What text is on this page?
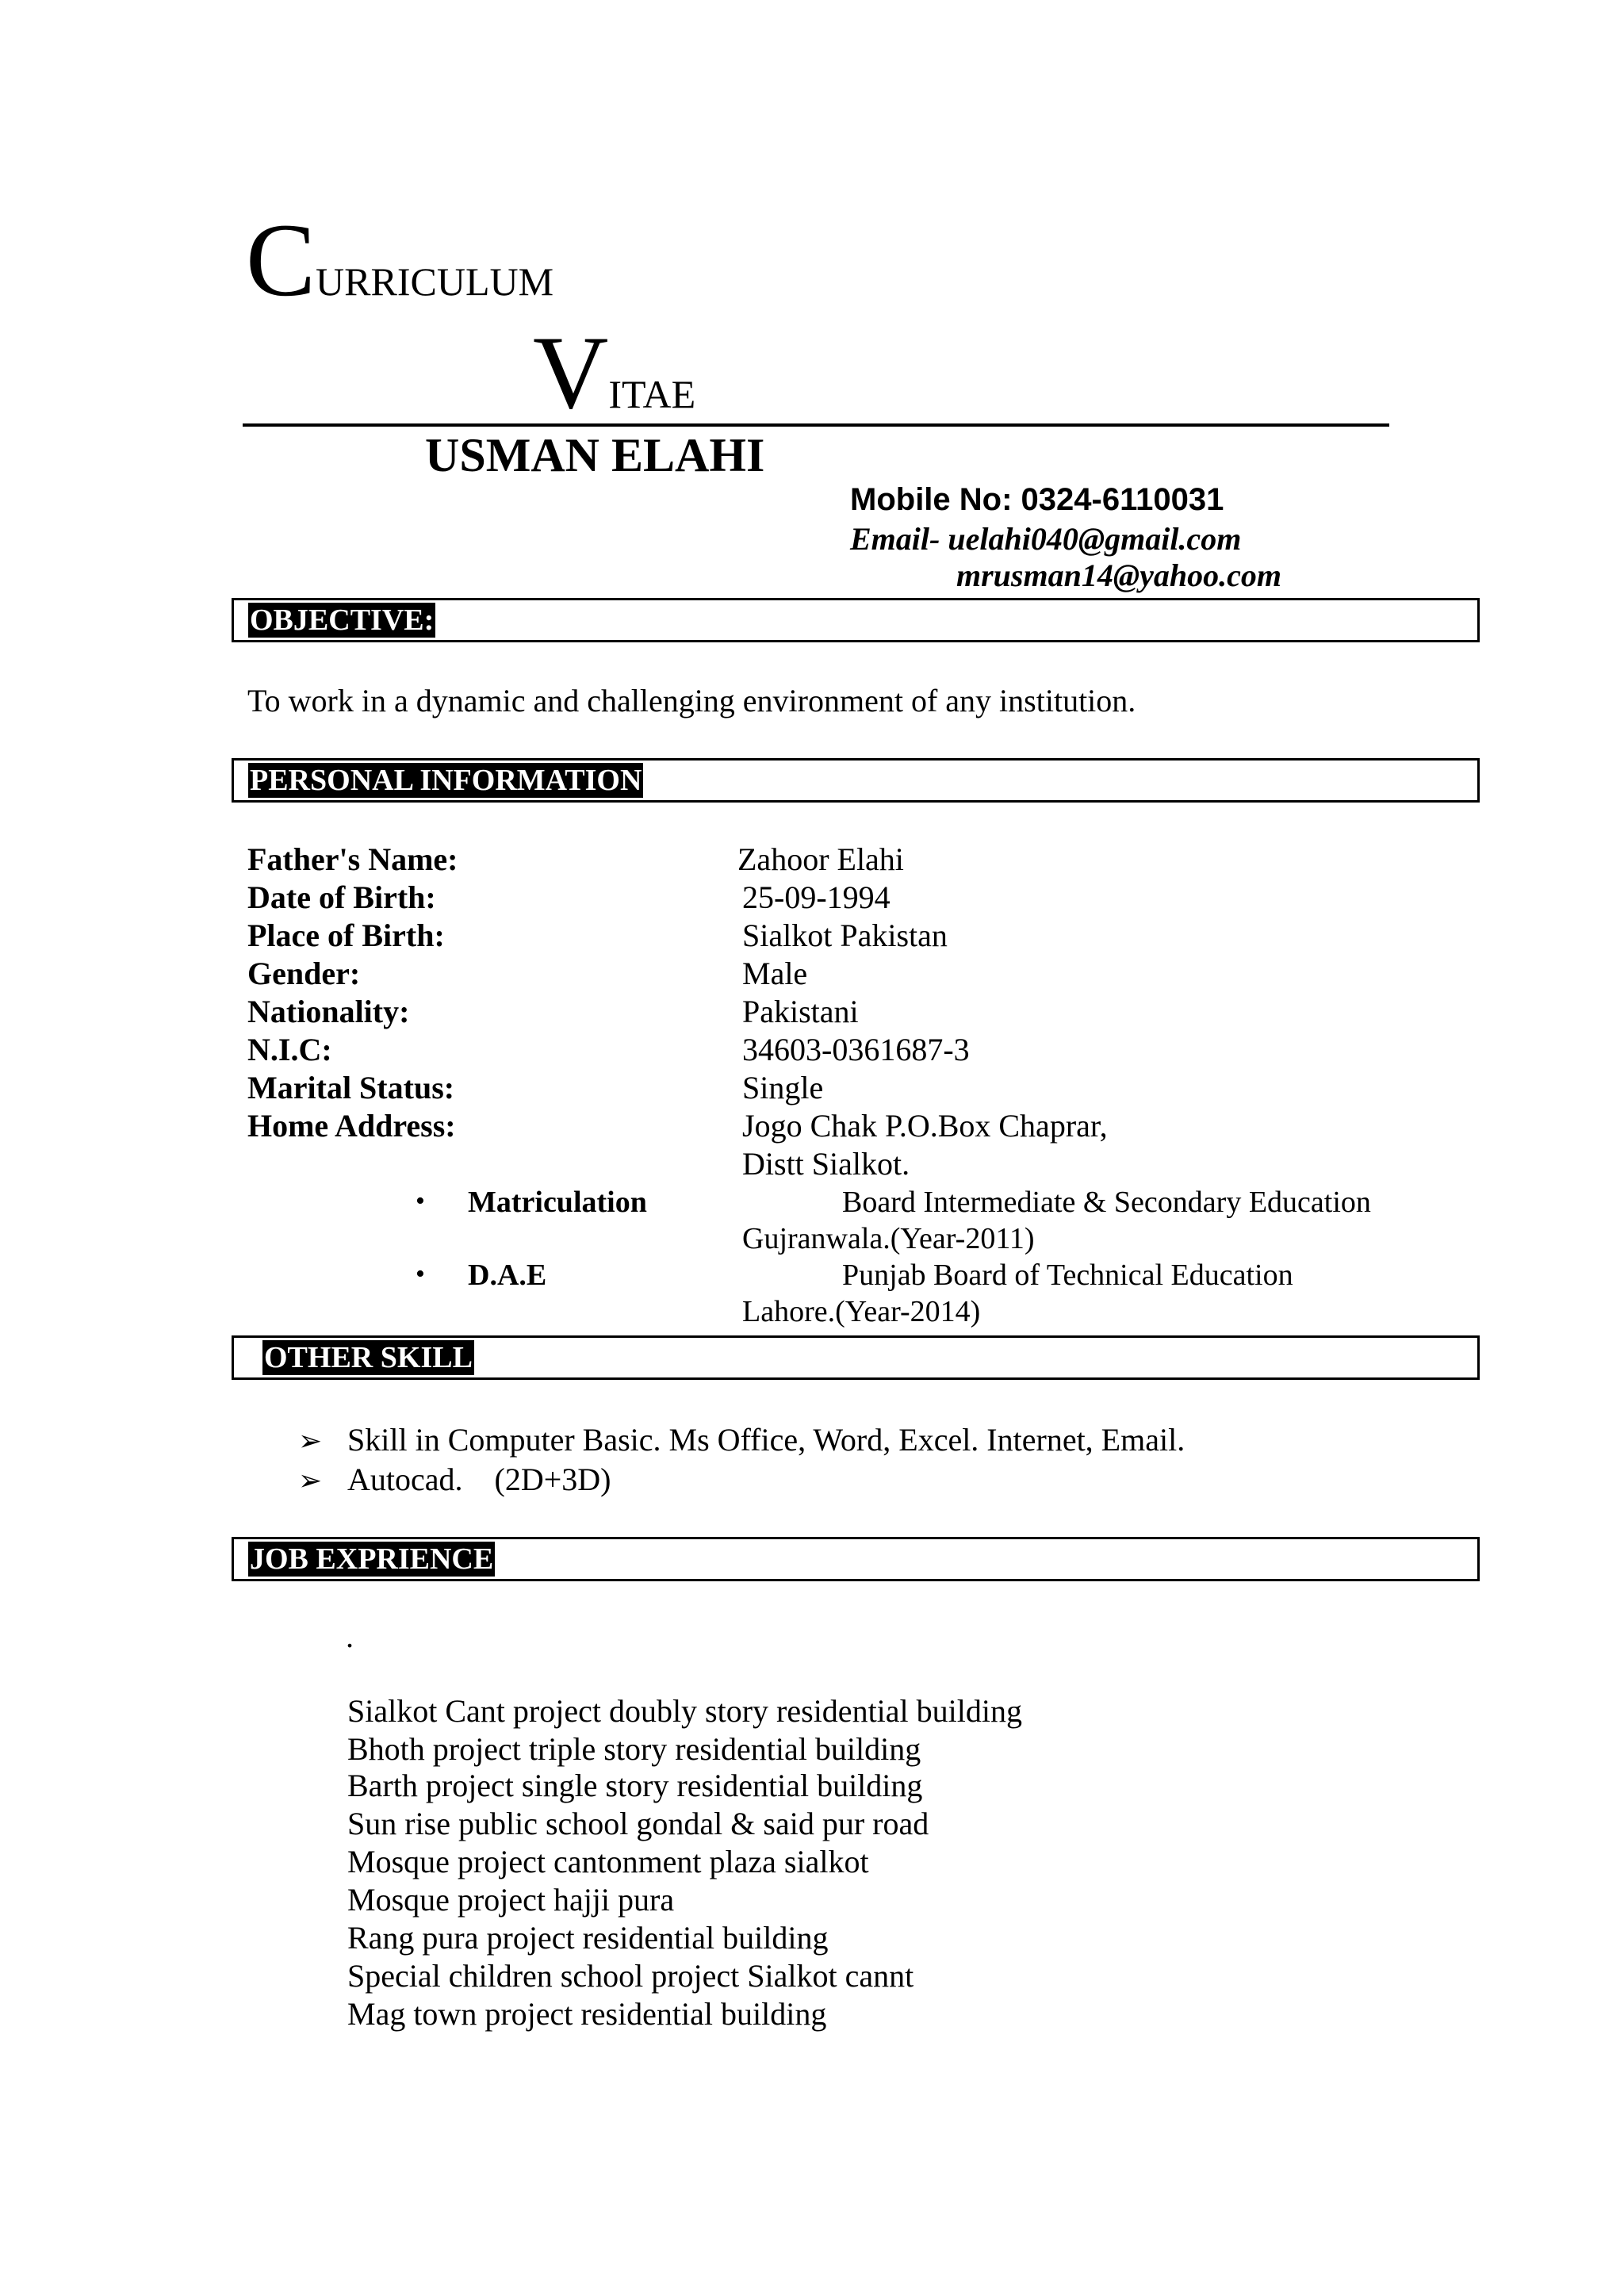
CURRICULUM
VITAE
USMAN ELAHI
Mobile No: 0324-6110031
Email- uelahi040@gmail.com
mrusman14@yahoo.com
OBJECTIVE:
To work in a dynamic and challenging environment of any institution.
PERSONAL INFORMATION
Father's Name:	Zahoor Elahi
Date of Birth:	25-09-1994
Place of Birth:	Sialkot Pakistan
Gender:	Male
Nationality:	Pakistani
N.I.C:	34603-0361687-3
Marital Status:	Single
Home Address:	Jogo Chak P.O.Box Chaprar,
Distt Sialkot.
• Matriculation	Board Intermediate & Secondary Education
Gujranwala.(Year-2011)
• D.A.E	Punjab Board of Technical Education
Lahore.(Year-2014)
OTHER SKILL
➢ Skill in Computer Basic. Ms Office, Word, Excel. Internet, Email.
➢ Autocad.    (2D+3D)
JOB EXPRIENCE
.
Sialkot Cant project doubly story residential building
Bhoth project triple story residential building
Barth project single story residential building
Sun rise public school gondal & said pur road
Mosque project cantonment plaza sialkot
Mosque project hajji pura
Rang pura project residential building
Special children school project Sialkot cannt
Mag town project residential building
